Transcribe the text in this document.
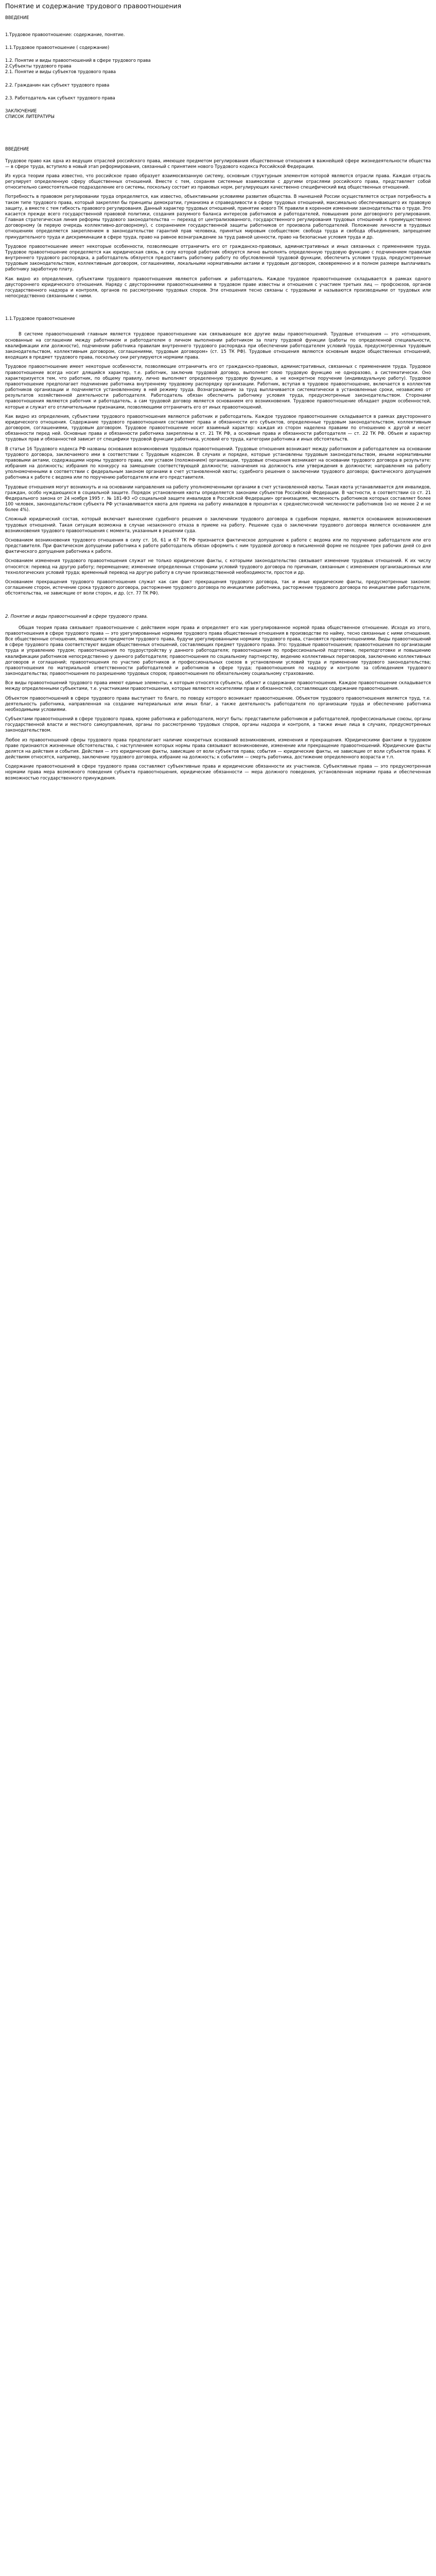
Понятие и содержание трудового правоотношения

ВВЕДЕНИЕ

1.Трудовое правоотношение: содержание, понятие.

1.1.Трудовое правоотношение ( содержание)

1.2. Понятие и виды правоотношений в сфере трудового права

2.Субъекты трудового права

2.1. Понятие и виды субъектов трудового права

2.2. Гражданин как субъект трудового права

2.3. Работодатель как субъект трудового права

ЗАКЛЮЧЕНИЕ

СПИСОК ЛИТЕРАТУРЫ

ВВЕДЕНИЕ

Трудовое право как одна из ведущих отраслей российского права, имеющее предметом регулирования общественные отношения в важнейшей сфере жизнедеятельности общества — в сфере труда, вступило в новый этап реформирования, связанный с принятием нового Трудового кодекса Российской Федерации.

Из курса теории права известно, что российское право образует взаимосвязанную систему, основным структурным элементом которой являются отрасли права. Каждая отрасль регулирует определенную сферу общественных отношений. Вместе с тем, сохраняя системные взаимосвязи с другими отраслями российского права, представляет собой относительно самостоятельное подразделение его системы, поскольку состоит из правовых норм, регулирующих качественно специфический вид общественных отношений.

Потребность в правовом регулировании труда определяется, как известно, объективными условиями развития общества. В нынешней России осуществляется острая потребность в таком типе трудового права, который закреплял бы принципы демократии, гуманизма и справедливости в сфере трудовых отношений, максимально обеспечивающего их правовую защиту, а вместе с тем гибкость правового регулирования. Данный характер трудовых отношений, принятие нового ТК правили в коренном изменении законодательства о труде. Это касается прежде всего государственной правовой политики, создания разумного баланса интересов работников и работодателей, повышения роли договорного регулирования. Главная стратегическая линия реформы трудового законодательства — переход от централизованного, государственного регулирования трудовых отношений к преимущественно договорному (в первую очередь коллективно-договорному), с сохранением государственной защиты работников от произвола работодателей. Положение личности в трудовых отношениях определяется закреплением в законодательстве гарантий прав человека, принятых мировым сообществом: свобода труда и свобода объединения, запрещение принудительного труда и дискриминации в сфере труда, право на равное вознаграждение за труд равной ценности, право на безопасные условия труда и др.

Трудовое правоотношение имеет некоторые особенности, позволяющие отграничить его от гражданско-правовых, административных и иных связанных с применением труда. Трудовое правоотношение определяется как юридическая связь, в силу которой работник обязуется лично выполнять определенную трудовую функцию с подчинением правилам внутреннего трудового распорядка, а работодатель обязуется предоставить работнику работу по обусловленной трудовой функции, обеспечить условия труда, предусмотренные трудовым законодательством, коллективным договором, соглашениями, локальными нормативными актами и трудовым договором, своевременно и в полном размере выплачивать работнику заработную плату.

Как видно из определения, субъектами трудового правоотношения являются работник и работодатель. Каждое трудовое правоотношение складывается в рамках одного двустороннего юридического отношения. Наряду с двусторонними правоотношениями в трудовом праве известны и отношения с участием третьих лиц — профсоюзов, органов государственного надзора и контроля, органов по рассмотрению трудовых споров. Эти отношения тесно связаны с трудовыми и называются производными от трудовых или непосредственно связанными с ними.

1.1.Трудовое правоотношение

В системе правоотношений главным является трудовое правоотношение как связывающее все другие виды правоотношений. Трудовые отношения — это «отношения, основанные на соглашении между работником и работодателем о личном выполнении работником за плату трудовой функции (работы по определенной специальности, квалификации или должности), подчинении работника правилам внутреннего трудового распорядка при обеспечении работодателем условий труда, предусмотренных трудовым законодательством, коллективным договором, соглашениями, трудовым договором» (ст. 15 ТК РФ). Трудовые отношения являются основным видом общественных отношений, входящих в предмет трудового права, поскольку они регулируются нормами права.

Трудовое правоотношение имеет некоторые особенности, позволяющие отграничить его от гражданско-правовых, административных, связанных с применением труда. Трудовое правоотношение всегда носит длящийся характер, т.е. работник, заключив трудовой договор, выполняет свою трудовую функцию не одноразово, а систематически. Оно характеризуется тем, что работник, по общему правилу, лично выполняет определенную трудовую функцию, а не конкретное поручение (индивидуальную работу). Трудовое правоотношение предполагает подчинение работника внутреннему трудовому распорядку организации. Работник, вступая в трудовое правоотношение, включается в коллектив работников организации и подчиняется установленному в ней режиму труда. Вознаграждение за труд выплачивается систематически в установленные сроки, независимо от результатов хозяйственной деятельности работодателя. Работодатель обязан обеспечить работнику условия труда, предусмотренные законодательством. Сторонами правоотношения являются работник и работодатель, а сам трудовой договор является основанием его возникновения. Трудовое правоотношение обладает рядом особенностей, которые и служат его отличительными признаками, позволяющими отграничить его от иных правоотношений.

Как видно из определения, субъектами трудового правоотношения являются работник и работодатель. Каждое трудовое правоотношение складывается в рамках двустороннего юридического отношения. Содержание трудового правоотношения составляют права и обязанности его субъектов, определенные трудовым законодательством, коллективным договором, соглашениями, трудовым договором. Трудовое правоотношение носит взаимный характер: каждая из сторон наделена правами по отношению к другой и несет обязанности перед ней. Основные права и обязанности работника закреплены в ст. 21 ТК РФ, а основные права и обязанности работодателя — ст. 22 ТК РФ. Объем и характер трудовых прав и обязанностей зависит от специфики трудовой функции работника, условий его труда, категории работника и иных обстоятельств.

В статье 16 Трудового кодекса РФ названы основания возникновения трудовых правоотношений. Трудовые отношения возникают между работником и работодателем на основании трудового договора, заключаемого ими в соответствии с Трудовым кодексом. В случаях и порядке, которые установлены трудовым законодательством, иными нормативными правовыми актами, содержащими нормы трудового права, или уставом (положением) организации, трудовые отношения возникают на основании трудового договора в результате: избрания на должность; избрания по конкурсу на замещение соответствующей должности; назначения на должность или утверждения в должности; направления на работу уполномоченными в соответствии с федеральным законом органами в счет установленной квоты; судебного решения о заключении трудового договора; фактического допущения работника к работе с ведома или по поручению работодателя или его представителя.

Трудовые отношения могут возникнуть и на основании направления на работу уполномоченными органами в счет установленной квоты. Такая квота устанавливается для инвалидов, граждан, особо нуждающихся в социальной защите. Порядок установления квоты определяется законами субъектов Российской Федерации. В частности, в соответствии со ст. 21 Федерального закона от 24 ноября 1995 г. № 181-ФЗ «О социальной защите инвалидов в Российской Федерации» организациям, численность работников которых составляет более 100 человек, законодательством субъекта РФ устанавливается квота для приема на работу инвалидов в процентах к среднесписочной численности работников (но не менее 2 и не более 4%).

Сложный юридический состав, который включает вынесение судебного решения о заключении трудового договора в судебном порядке, является основанием возникновения трудовых отношений. Такая ситуация возможна в случае незаконного отказа в приеме на работу. Решение суда о заключении трудового договора является основанием для возникновения трудового правоотношения с момента, указанным в решении суда.

Основанием возникновения трудового отношения в силу ст. 16, 61 и 67 ТК РФ признается фактическое допущение к работе с ведома или по поручению работодателя или его представителя. При фактическом допущении работника к работе работодатель обязан оформить с ним трудовой договор в письменной форме не позднее трех рабочих дней со дня фактического допущения работника к работе.

Основанием изменения трудового правоотношения служат не только юридические факты, с которыми законодательство связывает изменение трудовых отношений. К их числу относятся: перевод на другую работу; перемещение; изменение определенных сторонами условий трудового договора по причинам, связанным с изменением организационных или технологических условий труда; временный перевод на другую работу в случае производственной необходимости, простоя и др.

Основанием прекращения трудового правоотношения служат как сам факт прекращения трудового договора, так и иные юридические факты, предусмотренные законом: соглашение сторон, истечение срока трудового договора, расторжение трудового договора по инициативе работника, расторжение трудового договора по инициативе работодателя, обстоятельства, не зависящие от воли сторон, и др. (ст. 77 ТК РФ).

2. Понятие и виды правоотношений в сфере трудового права.

Общая теория права связывает правоотношение с действием норм права и определяет его как урегулированное нормой права общественное отношение. Исходя из этого, правоотношения в сфере трудового права — это урегулированные нормами трудового права общественные отношения в производстве по найму, тесно связанные с ними отношения. Все общественные отношения, являющиеся предметом трудового права, будучи урегулированными нормами трудового права, становятся правоотношениями. Виды правоотношений в сфере трудового права соответствуют видам общественных отношений, составляющих предмет трудового права. Это: трудовые правоотношения; правоотношения по организации труда и управлению трудом; правоотношения по трудоустройству у данного работодателя; правоотношения по профессиональной подготовке, переподготовке и повышению квалификации работников непосредственно у данного работодателя; правоотношения по социальному партнерству, ведению коллективных переговоров, заключению коллективных договоров и соглашений; правоотношения по участию работников и профессиональных союзов в установлении условий труда и применении трудового законодательства; правоотношения по материальной ответственности работодателей и работников в сфере труда; правоотношения по надзору и контролю за соблюдением трудового законодательства; правоотношения по разрешению трудовых споров; правоотношения по обязательному социальному страхованию.

Все виды правоотношений трудового права имеют единые элементы, к которым относятся субъекты, объект и содержание правоотношения. Каждое правоотношение складывается между определенными субъектами, т.е. участниками правоотношения, которые являются носителями прав и обязанностей, составляющих содержание правоотношения.

Объектом правоотношений в сфере трудового права выступает то благо, по поводу которого возникает правоотношение. Объектом трудового правоотношения является труд, т.е. деятельность работника, направленная на создание материальных или иных благ, а также деятельность работодателя по организации труда и обеспечению работника необходимыми условиями.

Субъектами правоотношений в сфере трудового права, кроме работника и работодателя, могут быть: представители работников и работодателей, профессиональные союзы, органы государственной власти и местного самоуправления, органы по рассмотрению трудовых споров, органы надзора и контроля, а также иные лица в случаях, предусмотренных законодательством.

Любое из правоотношений сферы трудового права предполагает наличие конкретных оснований возникновения, изменения и прекращения. Юридическими фактами в трудовом праве признаются жизненные обстоятельства, с наступлением которых нормы права связывают возникновение, изменение или прекращение правоотношений. Юридические факты делятся на действия и события. Действия — это юридические факты, зависящие от воли субъектов права; события — юридические факты, не зависящие от воли субъектов права. К действиям относятся, например, заключение трудового договора, избрание на должность; к событиям — смерть работника, достижение определенного возраста и т.п.

Содержание правоотношений в сфере трудового права составляют субъективные права и юридические обязанности их участников. Субъективные права — это предусмотренная нормами права мера возможного поведения субъекта правоотношения, юридические обязанности — мера должного поведения, установленная нормами права и обеспеченная возможностью государственного принуждения.
